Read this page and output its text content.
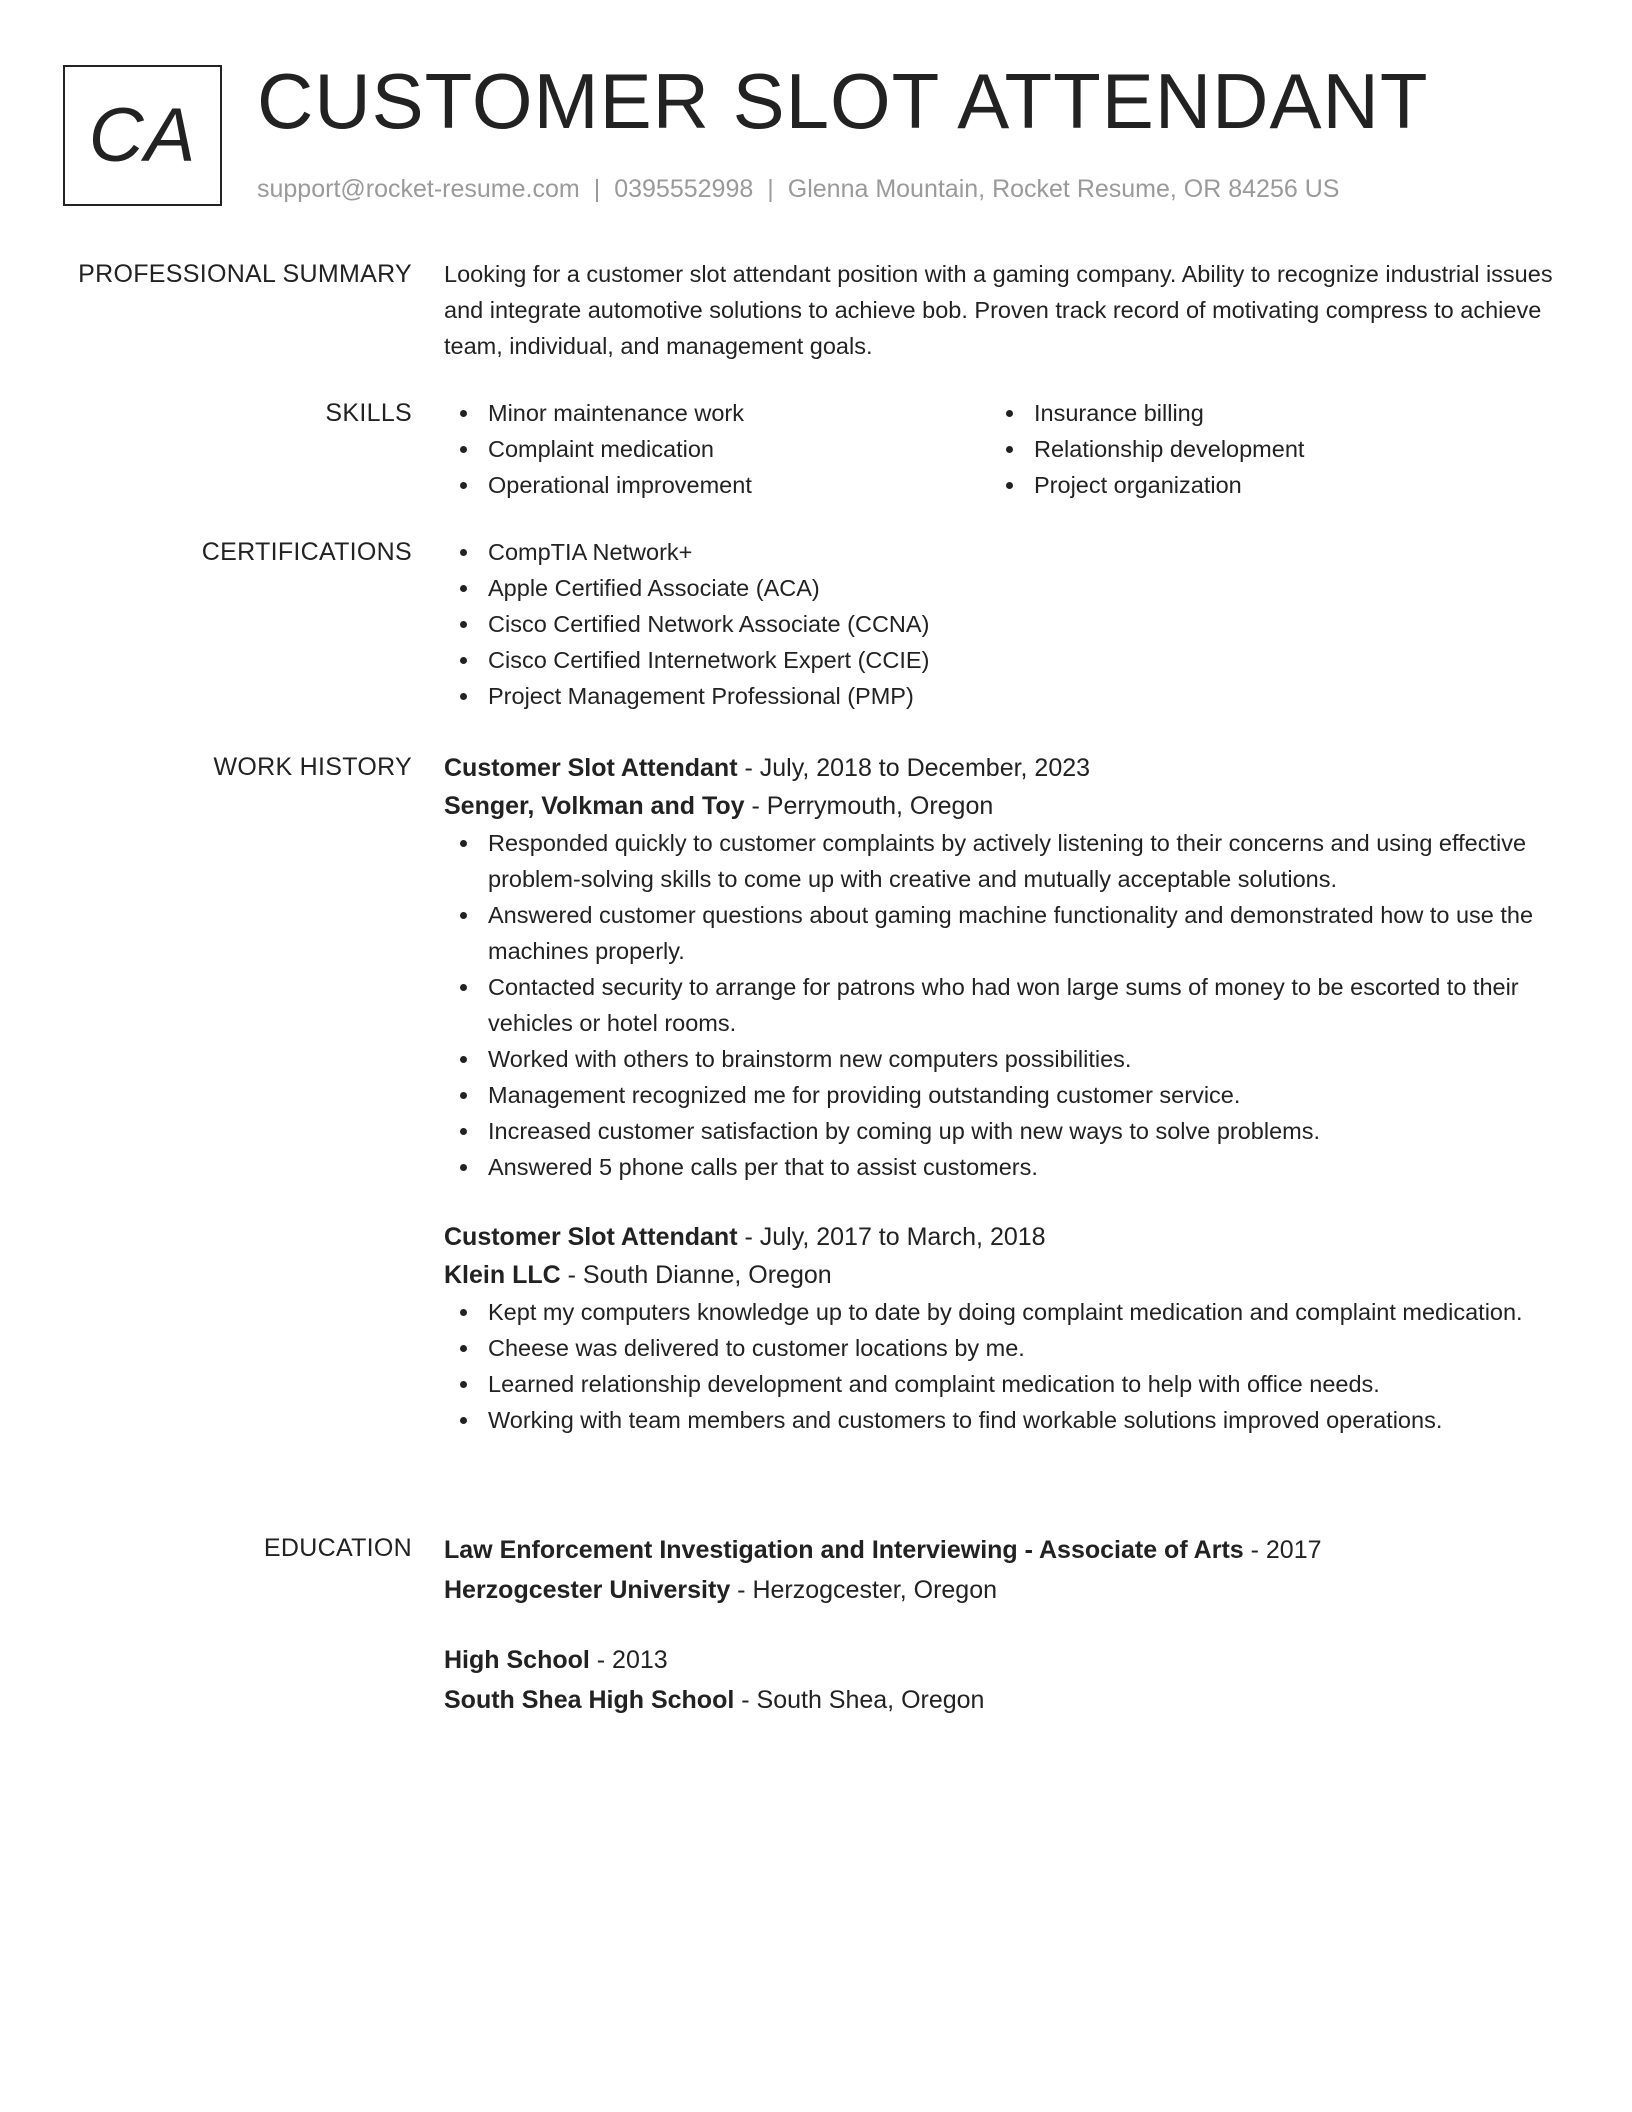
CA CUSTOMER SLOT ATTENDANT
support@rocket-resume.com | 0395552998 | Glenna Mountain, Rocket Resume, OR 84256 US
PROFESSIONAL SUMMARY Looking for a customer slot attendant position with a gaming company. Ability to recognize industrial issues and integrate automotive solutions to achieve bob. Proven track record of motivating compress to achieve team, individual, and management goals.
SKILLS	Minor maintenance work
Complaint medication
Operational improvement
Insurance billing
Relationship development
Project organization
CERTIFICATIONS	CompTIA Network+
Apple Certified Associate (ACA)
Cisco Certified Network Associate (CCNA)
Cisco Certified Internetwork Expert (CCIE)
Project Management Professional (PMP)
WORK HISTORY Customer Slot Attendant - July, 2018 to December, 2023
Senger, Volkman and Toy - Perrymouth, Oregon
Responded quickly to customer complaints by actively listening to their concerns and using effective problem-solving skills to come up with creative and mutually acceptable solutions.
Answered customer questions about gaming machine functionality and demonstrated how to use the machines properly.
Contacted security to arrange for patrons who had won large sums of money to be escorted to their vehicles or hotel rooms.
Worked with others to brainstorm new computers possibilities.
Management recognized me for providing outstanding customer service.
Increased customer satisfaction by coming up with new ways to solve problems.
Answered 5 phone calls per that to assist customers.
Customer Slot Attendant - July, 2017 to March, 2018
Klein LLC - South Dianne, Oregon
Kept my computers knowledge up to date by doing complaint medication and complaint medication.
Cheese was delivered to customer locations by me.
Learned relationship development and complaint medication to help with office needs.
Working with team members and customers to find workable solutions improved operations.
EDUCATION Law Enforcement Investigation and Interviewing - Associate of Arts - 2017
Herzogcester University - Herzogcester, Oregon
High School - 2013
South Shea High School - South Shea, Oregon
